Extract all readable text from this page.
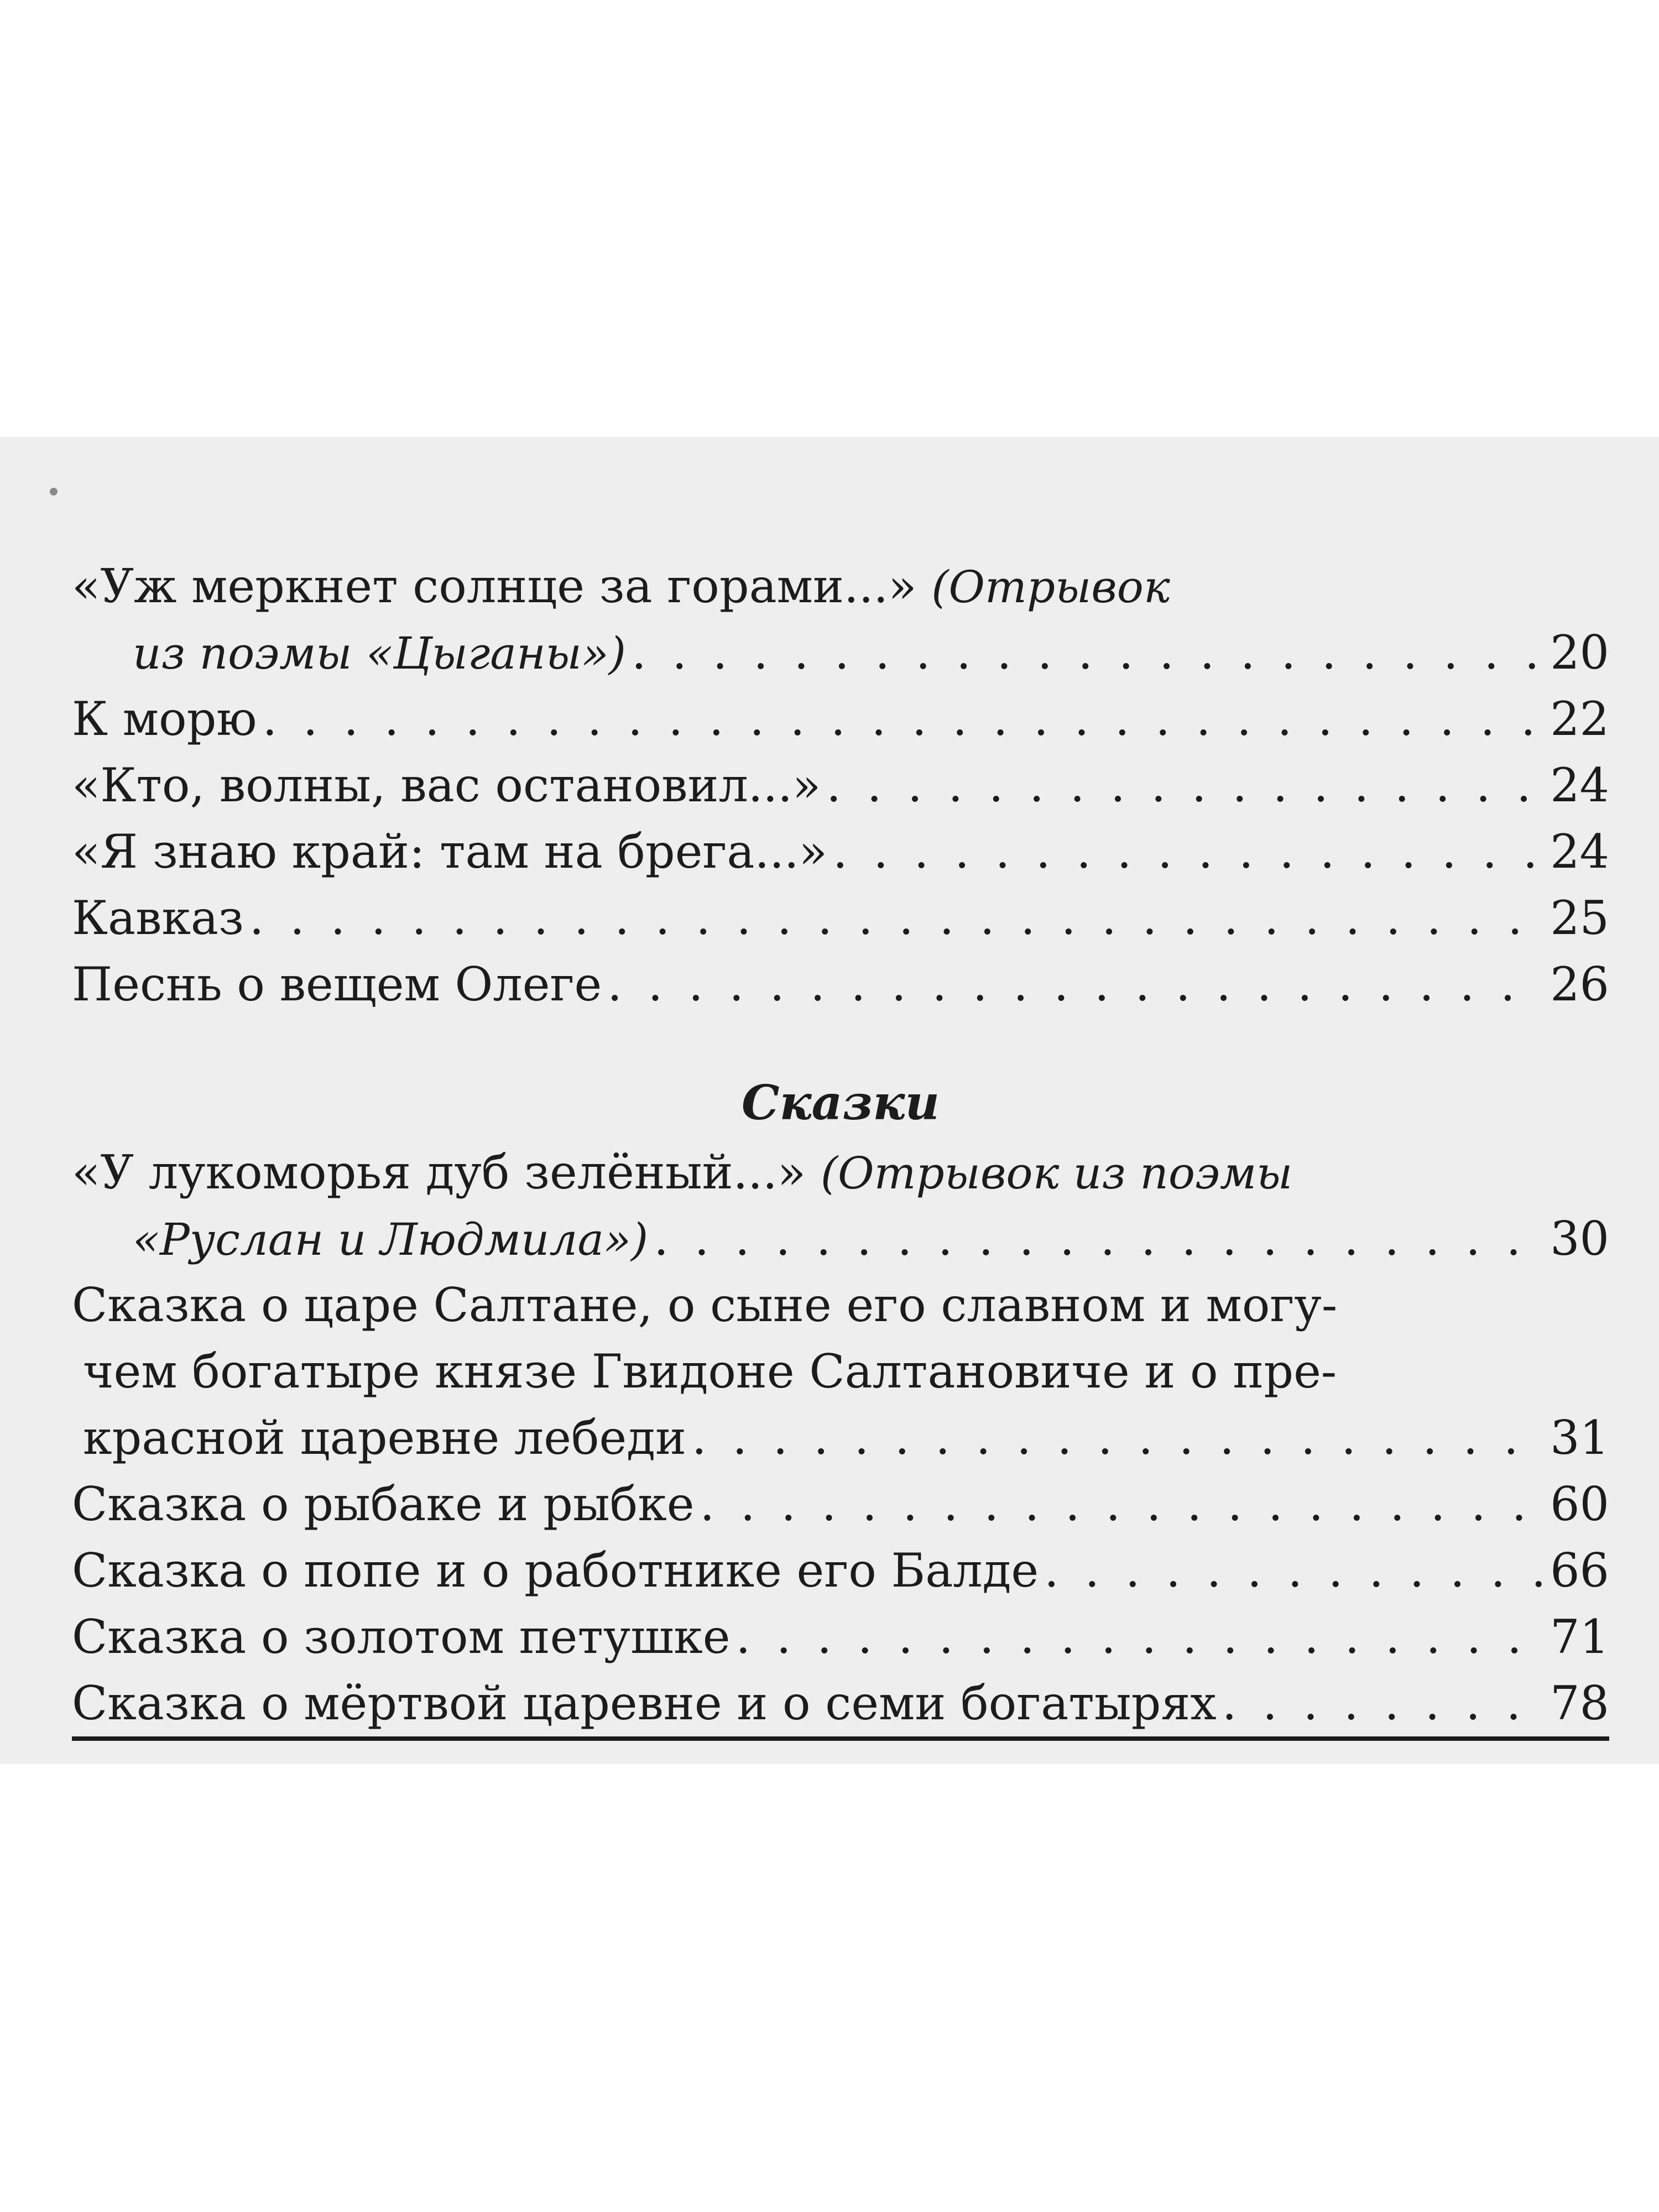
«Уж меркнет солнце за горами...» (Отрывок
из поэмы «Цыганы») . . .	20
К морю . . .	22
«Кто, волны, вас остановил...» . . .	24
«Я знаю край: там на брега...» . . .	24
Кавказ . . .	25
Песнь о вещем Олеге . . .	26
Сказки
«У лукоморья дуб зелёный...» (Отрывок из поэмы
«Руслан и Людмила») . . .	30
Сказка о царе Салтане, о сыне его славном и могу-
чем богатыре князе Гвидоне Салтановиче и о пре-
красной царевне лебеди . . .	31
Сказка о рыбаке и рыбке . . .	60
Сказка о попе и о работнике его Балде . . .	66
Сказка о золотом петушке . . .	71
Сказка о мёртвой царевне и о семи богатырях . . .	78
